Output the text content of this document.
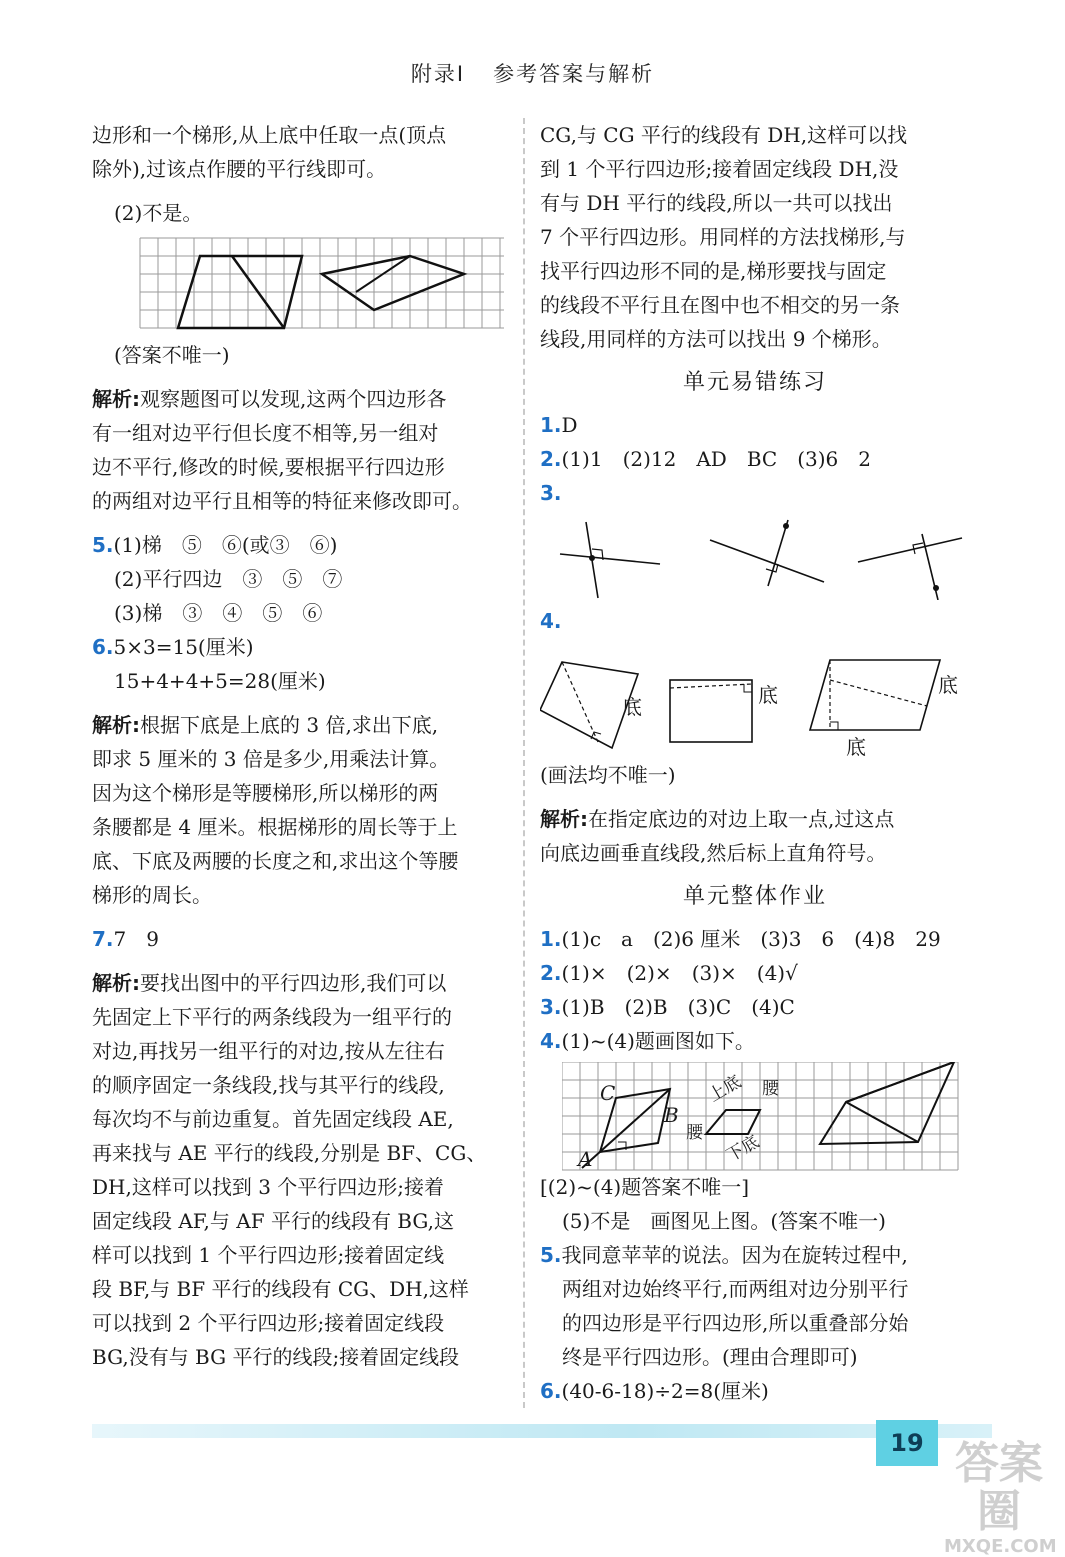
附录Ⅰ 参考答案与解析

边形和一个梯形,从上底中任取一点(顶点

除外),过该点作腰的平行线即可。

(2)不是。

(答案不唯一)

解析:观察题图可以发现,这两个四边形各

有一组对边平行但长度不相等,另一组对

边不平行,修改的时候,要根据平行四边形

的两组对边平行且相等的特征来修改即可。

5.(1)梯　⑤　⑥(或③　⑥)

(2)平行四边　③　⑤　⑦

(3)梯　③　④　⑤　⑥

6.5×3=15(厘米)

15+4+4+5=28(厘米)

解析:根据下底是上底的 3 倍,求出下底,

即求 5 厘米的 3 倍是多少,用乘法计算。

因为这个梯形是等腰梯形,所以梯形的两

条腰都是 4 厘米。根据梯形的周长等于上

底、下底及两腰的长度之和,求出这个等腰

梯形的周长。

7.7　9

解析:要找出图中的平行四边形,我们可以

先固定上下平行的两条线段为一组平行的

对边,再找另一组平行的对边,按从左往右

的顺序固定一条线段,找与其平行的线段,

每次均不与前边重复。首先固定线段 AE,

再来找与 AE 平行的线段,分别是 BF、CG、

DH,这样可以找到 3 个平行四边形;接着

固定线段 AF,与 AF 平行的线段有 BG,这

样可以找到 1 个平行四边形;接着固定线

段 BF,与 BF 平行的线段有 CG、DH,这样

可以找到 2 个平行四边形;接着固定线段

BG,没有与 BG 平行的线段;接着固定线段

CG,与 CG 平行的线段有 DH,这样可以找

到 1 个平行四边形;接着固定线段 DH,没

有与 DH 平行的线段,所以一共可以找出

7 个平行四边形。用同样的方法找梯形,与

找平行四边形不同的是,梯形要找与固定

的线段不平行且在图中也不相交的另一条

线段,用同样的方法可以找出 9 个梯形。

单元易错练习

1.D

2.(1)1　(2)12　AD　BC　(3)6　2

3.

4.

底	底	底
底

(画法均不唯一)

解析:在指定底边的对边上取一点,过这点

向底边画垂直线段,然后标上直角符号。

单元整体作业

1.(1)c　a　(2)6 厘米　(3)3　6　(4)8　29

2.(1)×　(2)×　(3)×　(4)√

3.(1)B　(2)B　(3)C　(4)C

4.(1)~(4)题画图如下。

C
B
A
上底 腰
腰 下底

[(2)~(4)题答案不唯一]

(5)不是　画图见上图。(答案不唯一)

5.我同意苹苹的说法。因为在旋转过程中,

两组对边始终平行,而两组对边分别平行

的四边形是平行四边形,所以重叠部分始

终是平行四边形。(理由合理即可)

6.(40-6-18)÷2=8(厘米)

19 答案圈
MXQE.COM
